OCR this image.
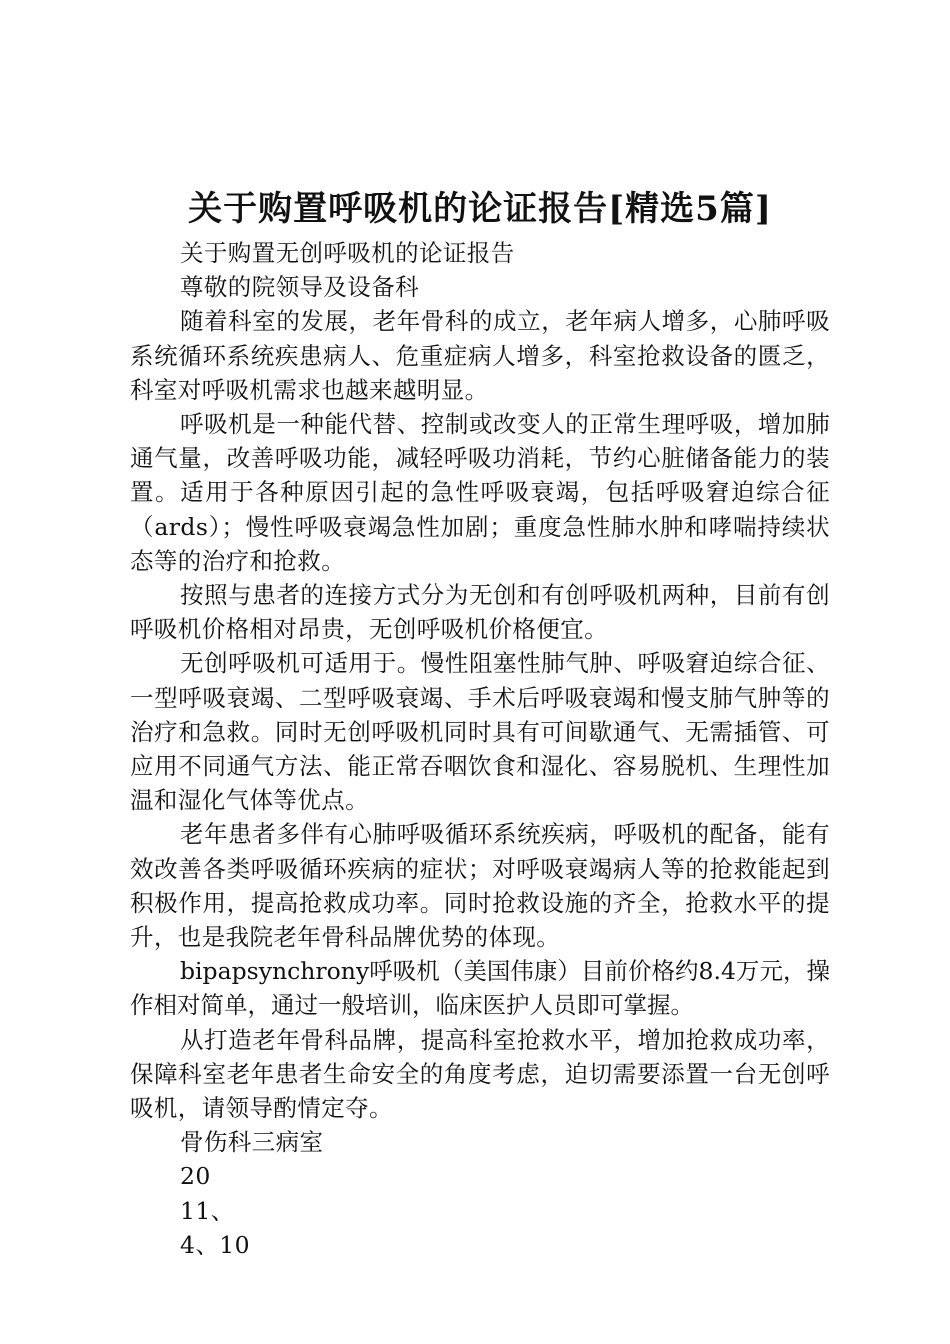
关于购置呼吸机的论证报告[精选5篇]

关于购置无创呼吸机的论证报告

尊敬的院领导及设备科

随着科室的发展，老年骨科的成立，老年病人增多，心肺呼吸系统循环系统疾患病人、危重症病人增多，科室抢救设备的匮乏，科室对呼吸机需求也越来越明显。

呼吸机是一种能代替、控制或改变人的正常生理呼吸，增加肺通气量，改善呼吸功能，减轻呼吸功消耗，节约心脏储备能力的装置。适用于各种原因引起的急性呼吸衰竭，包括呼吸窘迫综合征（ards）；慢性呼吸衰竭急性加剧；重度急性肺水肿和哮喘持续状态等的治疗和抢救。

按照与患者的连接方式分为无创和有创呼吸机两种，目前有创呼吸机价格相对昂贵，无创呼吸机价格便宜。

无创呼吸机可适用于。慢性阻塞性肺气肿、呼吸窘迫综合征、一型呼吸衰竭、二型呼吸衰竭、手术后呼吸衰竭和慢支肺气肿等的治疗和急救。同时无创呼吸机同时具有可间歇通气、无需插管、可应用不同通气方法、能正常吞咽饮食和湿化、容易脱机、生理性加温和湿化气体等优点。

老年患者多伴有心肺呼吸循环系统疾病，呼吸机的配备，能有效改善各类呼吸循环疾病的症状；对呼吸衰竭病人等的抢救能起到积极作用，提高抢救成功率。同时抢救设施的齐全，抢救水平的提升，也是我院老年骨科品牌优势的体现。

bipapsynchrony呼吸机（美国伟康）目前价格约8.4万元，操作相对简单，通过一般培训，临床医护人员即可掌握。

从打造老年骨科品牌，提高科室抢救水平，增加抢救成功率，保障科室老年患者生命安全的角度考虑，迫切需要添置一台无创呼吸机，请领导酌情定夺。

骨伤科三病室

20

11、

4、10
